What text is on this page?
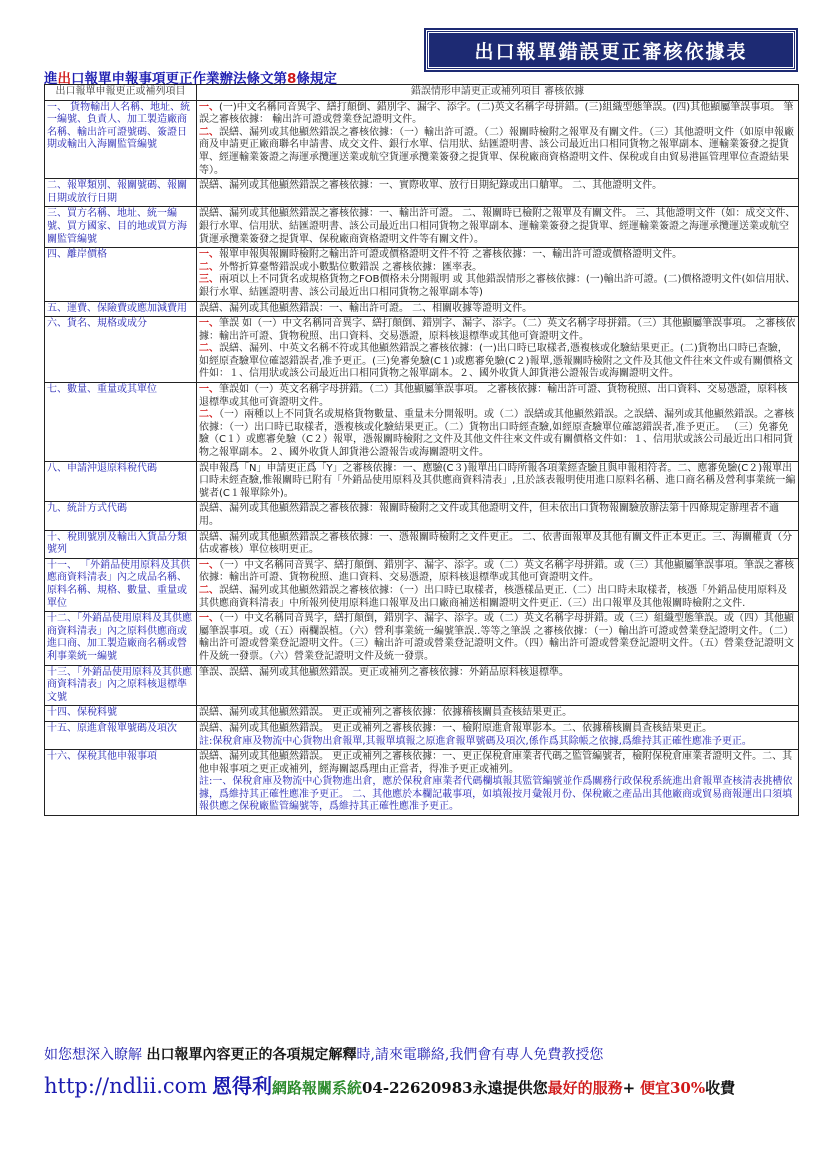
出口報單錯誤更正審核依據表
進出口報單申報事項更正作業辦法條文第8條規定
出口報單申報更正或補列項目	錯誤情形申請更正或補列項目 審核依據
一、 貨物輸出人名稱、地址、統一編號、負責人、加工製造廠商名稱、輸出許可證號碼、簽證日期或輸出入海關監管編號	一、(一)中文名稱同音異字、繕打顛倒、錯別字、漏字、添字。(二)英文名稱字母拼錯。(三)組織型態筆誤。(四)其他顯屬筆誤事項。 筆誤之審核依據： 輸出許可證或營業登記證明文件。
二、誤繕、漏列或其他顯然錯誤之審核依據：（一）輸出許可證。（二）報關時檢附之報單及有關文件。（三）其他證明文件（如原申報廠商及申請更正廠商聯名申請書、成交文件、銀行水單、信用狀、結匯證明書、該公司最近出口相同貨物之報單副本、運輸業簽發之提貨單、經運輸業簽證之海運承攬運送業或航空貨運承攬業簽發之提貨單、保稅廠商資格證明文件、保稅或自由貿易港區管理單位查證結果等）。

二、報單類別、報關號碼、報關日期或放行日期	誤繕、漏列或其他顯然錯誤之審核依據：一、實際收單、放行日期紀錄或出口艙單。 二、其他證明文件。

三、買方名稱、地址、統一編號、買方國家、目的地或買方海關監管編號	誤繕、漏列或其他顯然錯誤之審核依據：一、輸出許可證。 二、報關時已檢附之報單及有關文件。 三、其他證明文件（如：成交文件、銀行水單、信用狀、結匯證明書、該公司最近出口相同貨物之報單副本、運輸業簽發之提貨單、經運輸業簽證之海運承攬運送業或航空貨運承攬業簽發之提貨單、保稅廠商資格證明文件等有關文件）。

四、離岸價格	一、報單申報與報關時檢附之輸出許可證或價格證明文件不符 之審核依據：一、輸出許可證或價格證明文件。
二、外幣折算臺幣錯誤或小數點位數錯誤 之審核依據：匯率表。
三、兩項以上不同貨名或規格貨物之FOB價格未分開報明 或 其他錯誤情形之審核依據：(一)輸出許可證。(二)價格證明文件(如信用狀、銀行水單、結匯證明書、該公司最近出口相同貨物之報單副本等)

五、運費、保險費或應加減費用	誤繕、漏列或其他顯然錯誤：一、輸出許可證。 二、相關收據等證明文件。

六、貨名、規格或成分	一、筆誤 如（一）中文名稱同音異字、繕打顛倒、錯別字、漏字、添字。（二）英文名稱字母拼錯。（三）其他顯屬筆誤事項。 之審核依據：輸出許可證、貨物稅照、出口資料、交易憑證，原料核退標準或其他可資證明文件。
二、誤繕、漏列、中英文名稱不符或其他顯然錯誤之審核依據：(一)出口時已取樣者,憑複核或化驗結果更正。(二)貨物出口時已查驗，如經原查驗單位確認錯誤者,准予更正。(三)免審免驗(C１)或應審免驗(C２)報單,憑報關時檢附之文件及其他文件往來文件或有關價格文件如：１、信用狀或該公司最近出口相同貨物之報單副本。２、國外收貨人卸貨港公證報告或海關證明文件。

七、數量、重量或其單位	一、筆誤如（一）英文名稱字母拼錯。（二）其他顯屬筆誤事項。 之審核依據：輸出許可證、貨物稅照、出口資料、交易憑證，原料核退標準或其他可資證明文件。
二、（一）兩種以上不同貨名或規格貨物數量、重量未分開報明。或（二）誤繕或其他顯然錯誤。之誤繕、漏列或其他顯然錯誤。之審核依據：（一）出口時已取樣者，憑複核或化驗結果更正。（二）貨物出口時經查驗,如經原查驗單位確認錯誤者,准予更正。 （三）免審免驗（C１）或應審免驗（C２）報單，憑報關時檢附之文件及其他文件往來文件或有關價格文件如：１、信用狀或該公司最近出口相同貨物之報單副本。２、國外收貨人卸貨港公證報告或海關證明文件。

八、申請沖退原料稅代碼	誤申報爲「N」申請更正爲「Y」之審核依據：一、應驗(C３)報單出口時所報各項業經查驗且與申報相符者。二、應審免驗(C２)報單出口時未經查驗,惟報關時已附有「外銷品使用原料及其供應商資料清表」,且於該表報明使用進口原料名稱、進口商名稱及營利事業統一編號者(C１報單除外)。

九、統計方式代碼	誤繕、漏列或其他顯然錯誤之審核依據：報關時檢附之文件或其他證明文件，但未依出口貨物報關驗放辦法第十四條規定辦理者不適用。

十、稅則號別及輸出入貨品分類號列	誤繕、漏列或其他顯然錯誤之審核依據：一、憑報關時檢附之文件更正。 二、依書面報單及其他有關文件正本更正。三、海關權責（分估或審核）單位核明更正。

十一、 「外銷品使用原料及其供應商資料清表」內之成品名稱、原料名稱、規格、數量、重量或單位	一、（一）中文名稱同音異字、繕打顛倒、錯別字、漏字、添字。或（二）英文名稱字母拼錯。或（三）其他顯屬筆誤事項。筆誤之審核依據：輸出許可證、貨物稅照、進口資料、交易憑證，原料核退標準或其他可資證明文件。
二、誤繕、漏列或其他顯然錯誤之審核依據：（一）出口時已取樣者，核憑樣品更正.（二）出口時未取樣者，核憑「外銷品使用原料及其供應商資料清表」中所報列使用原料進口報單及出口廠商補送相關證明文件更正.（三）出口報單及其他報關時檢附之文件.

十二、「外銷品使用原料及其供應商資料清表」內之原料供應商或進口商、加工製造廠商名稱或營利事業統一編號	一、（一）中文名稱同音異字，繕打顛倒，錯別字、漏字、添字。或（二）英文名稱字母拼錯。或（三）組織型態筆誤。或（四）其他顯屬筆誤事項。或（五）兩欄誤植。（六）營利事業統一編號筆誤..等等之筆誤 之審核依據：（一）輸出許可證或營業登記證明文件。（二）輸出許可證或營業登記證明文件。（三）輸出許可證或營業登記證明文件。（四）輸出許可證或營業登記證明文件。（五）營業登記證明文件及統一發票。（六）營業登記證明文件及統一發票。

十三、「外銷品使用原料及其供應商資料清表」內之原料核退標準文號	筆誤、誤繕、漏列或其他顯然錯誤。更正或補列之審核依據：外銷品原料核退標準。

十四、保稅料號	誤繕、漏列或其他顯然錯誤。 更正或補列之審核依據：依據稽核關員查核結果更正。

十五、原進倉報單號碼及項次	誤繕、漏列或其他顯然錯誤。 更正或補列之審核依據：一、檢附原進倉報單影本。二、依據稽核關員查核結果更正。
註:保稅倉庫及物流中心貨物出倉報單,其報單填報之原進倉報單號碼及項次,係作爲其除帳之依據,爲維持其正確性應准予更正。

十六、保稅其他申報事項	誤繕、漏列或其他顯然錯誤。 更正或補列之審核依據：一、更正保稅倉庫業者代碼之監管編號者，檢附保稅倉庫業者證明文件。二、其他申報事項之更正或補列，經海關認爲理由正當者，得准予更正或補列。
註:一、保稅倉庫及物流中心貨物進出倉，應於保稅倉庫業者代碼欄填報其監管編號並作爲關務行政保稅系統進出倉報單查核清表挑槽依據，爲維持其正確性應准予更正。 二、其他應於本欄記載事項，如填報按月彙報月份、保稅廠之產品出其他廠商或貿易商報運出口須填報供應之保稅廠監管編號等，爲維持其正確性應准予更正。
如您想深入瞭解 出口報單內容更正的各項規定解釋時,請來電聯絡,我們會有專人免費教授您
http://ndlii.com 恩得利網路報關系統04-22620983永遠提供您最好的服務+ 便宜30%收費
